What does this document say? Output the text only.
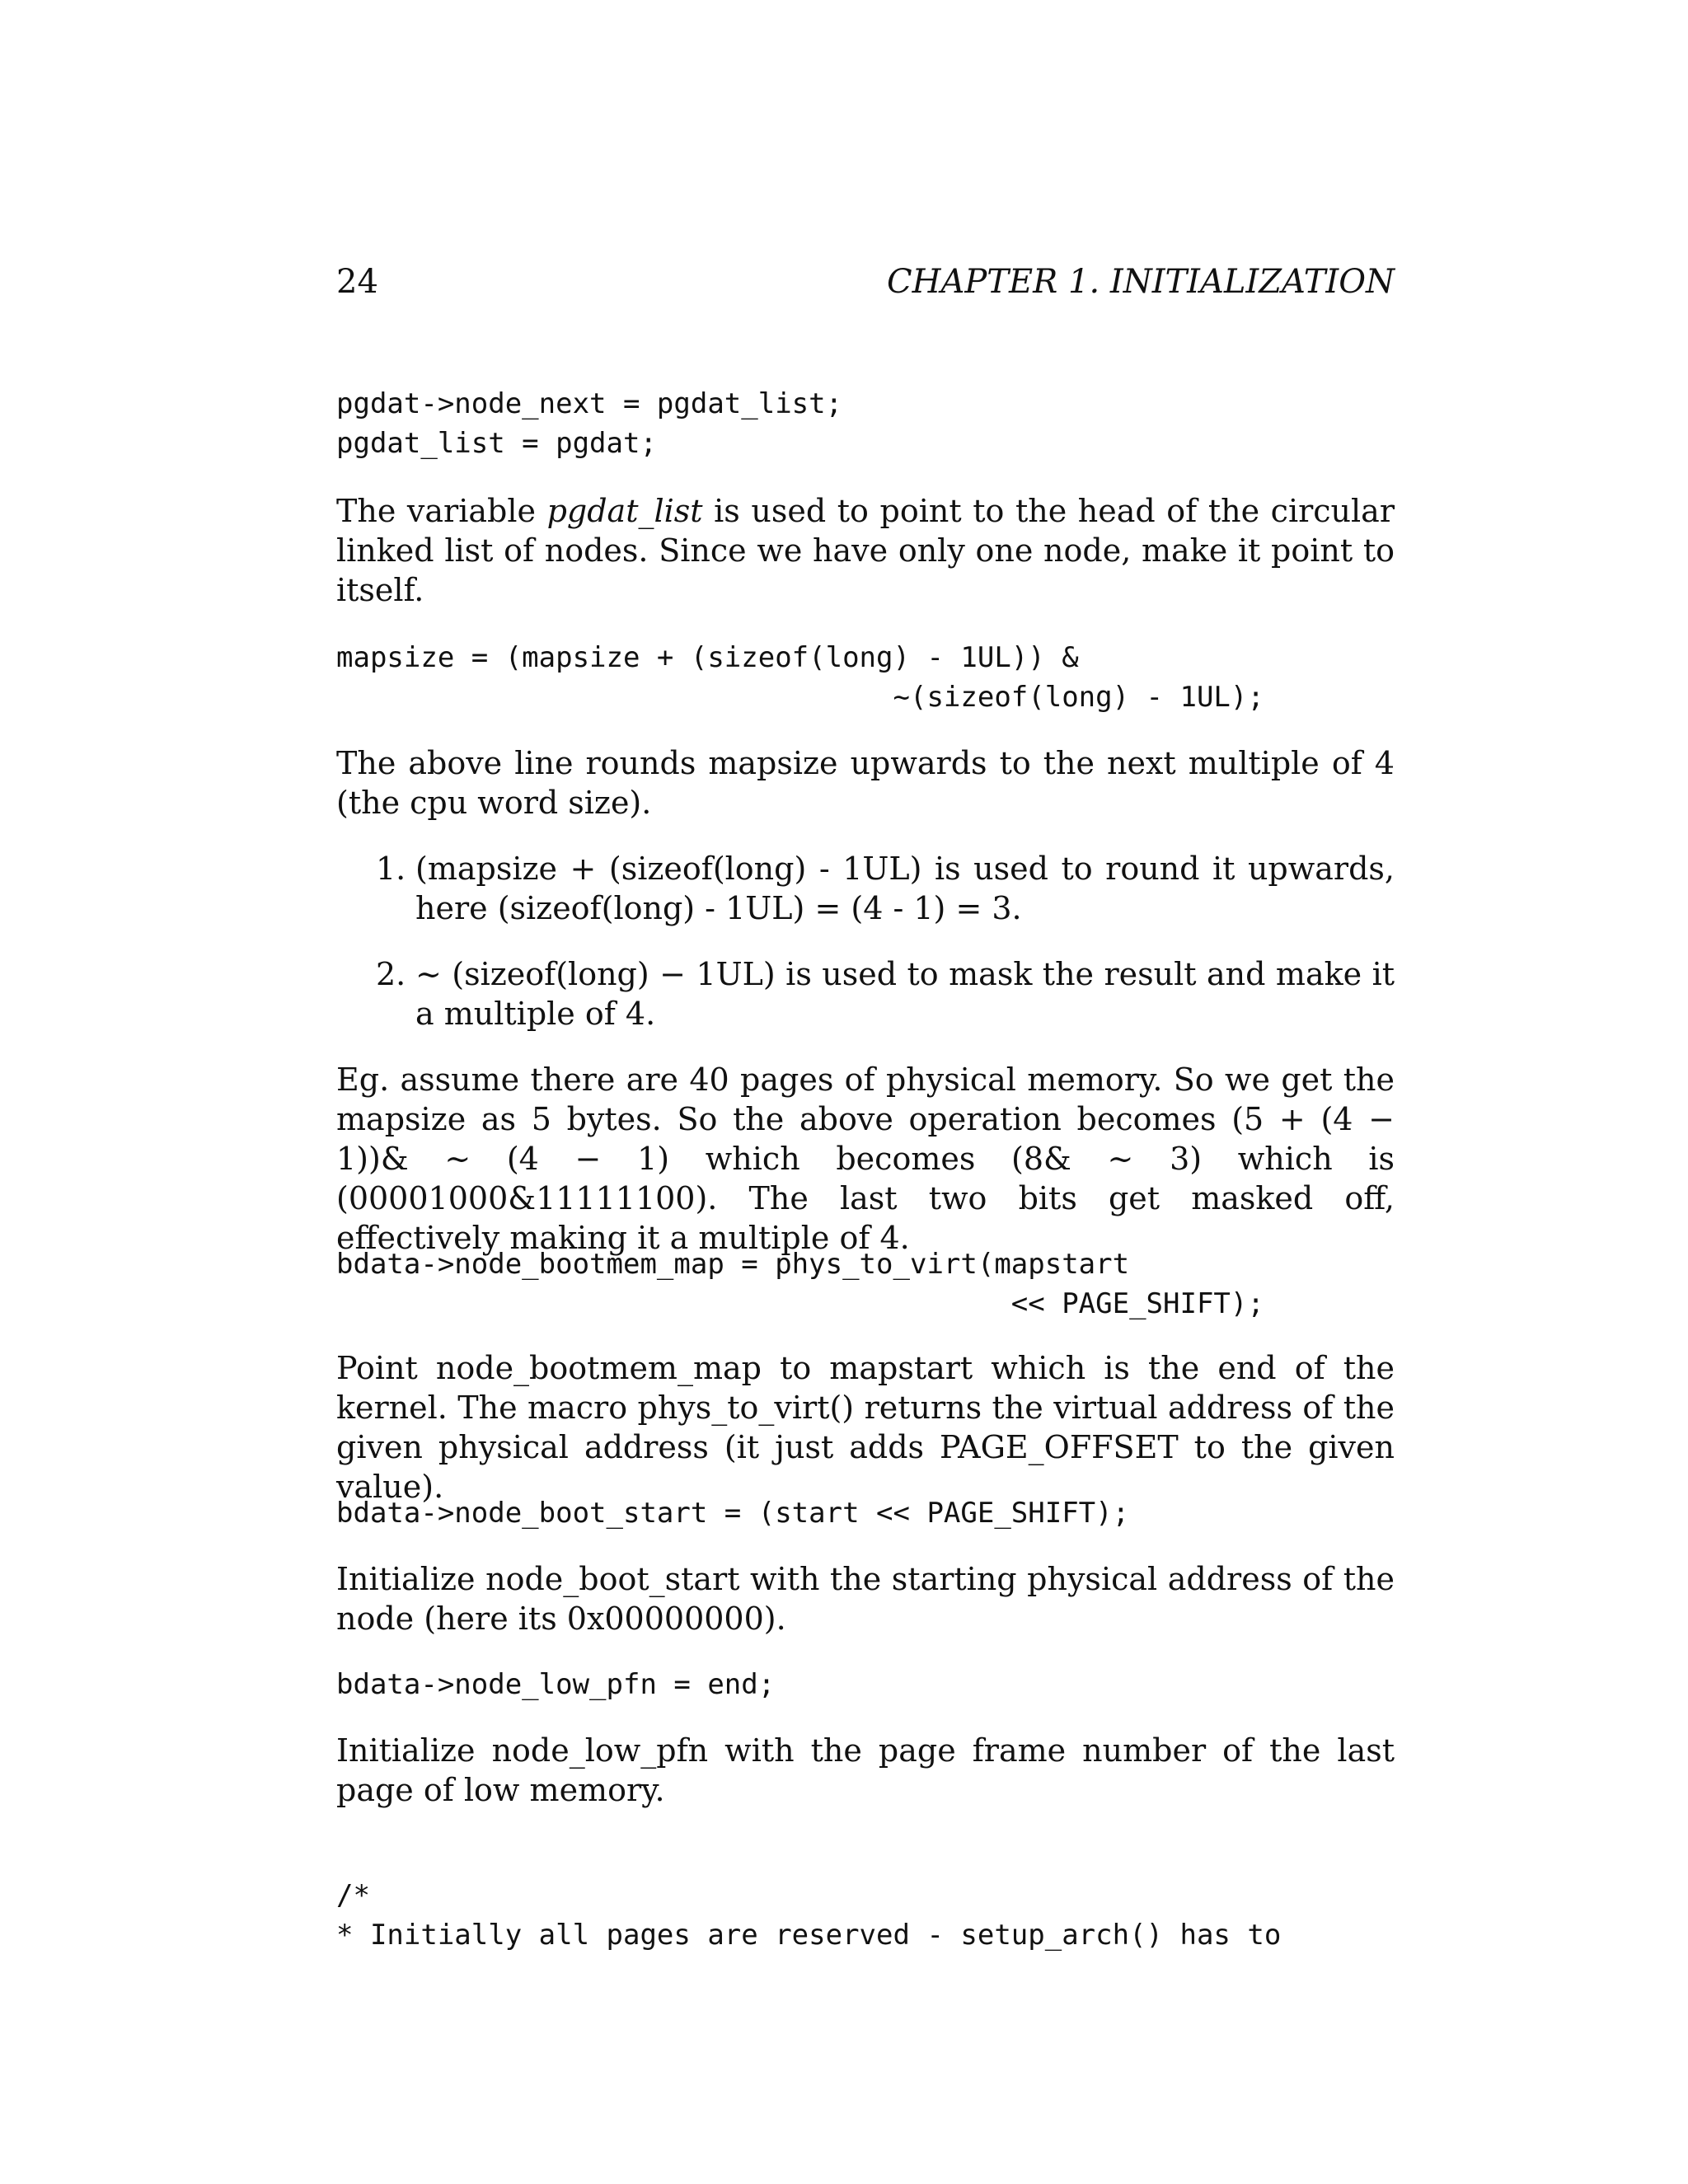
24	CHAPTER 1. INITIALIZATION
pgdat->node_next = pgdat_list;
pgdat_list = pgdat;

The variable pgdat_list is used to point to the head of the circular linked list of nodes. Since we have only one node, make it point to itself.

mapsize = (mapsize + (sizeof(long) - 1UL)) &
~(sizeof(long) - 1UL);

The above line rounds mapsize upwards to the next multiple of 4 (the cpu word size).

1. (mapsize + (sizeof(long) - 1UL) is used to round it upwards, here (sizeof(long) - 1UL) = (4 - 1) = 3.
2. ∼ (sizeof(long) − 1UL) is used to mask the result and make it a multiple of 4.

Eg. assume there are 40 pages of physical memory. So we get the mapsize as 5 bytes. So the above operation becomes (5 + (4 − 1))& ∼ (4 − 1) which becomes (8& ∼ 3) which is (00001000&11111100). The last two bits get masked off, effectively making it a multiple of 4.

bdata->node_bootmem_map = phys_to_virt(mapstart
<< PAGE_SHIFT);

Point node_bootmem_map to mapstart which is the end of the kernel. The macro phys_to_virt() returns the virtual address of the given physical address (it just adds PAGE_OFFSET to the given value).

bdata->node_boot_start = (start << PAGE_SHIFT);

Initialize node_boot_start with the starting physical address of the node (here its 0x00000000).

bdata->node_low_pfn = end;

Initialize node_low_pfn with the page frame number of the last page of low memory.

/*
* Initially all pages are reserved - setup_arch() has to
